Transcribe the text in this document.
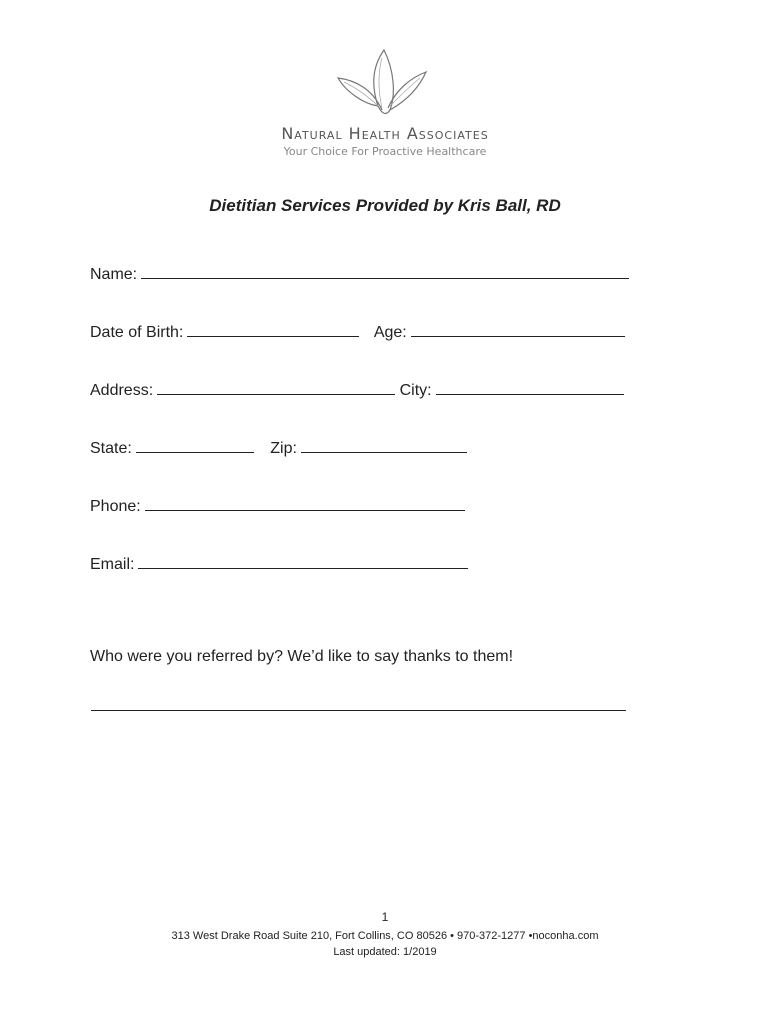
Natural Health Associates
Your Choice For Proactive Healthcare
Dietitian Services Provided by Kris Ball, RD
Name:
Date of Birth:	Age:
Address:	City:
State:	Zip:
Phone:
Email:
Who were you referred by? We’d like to say thanks to them!
1
313 West Drake Road Suite 210, Fort Collins, CO 80526 • 970-372-1277 •noconha.com
Last updated: 1/2019
